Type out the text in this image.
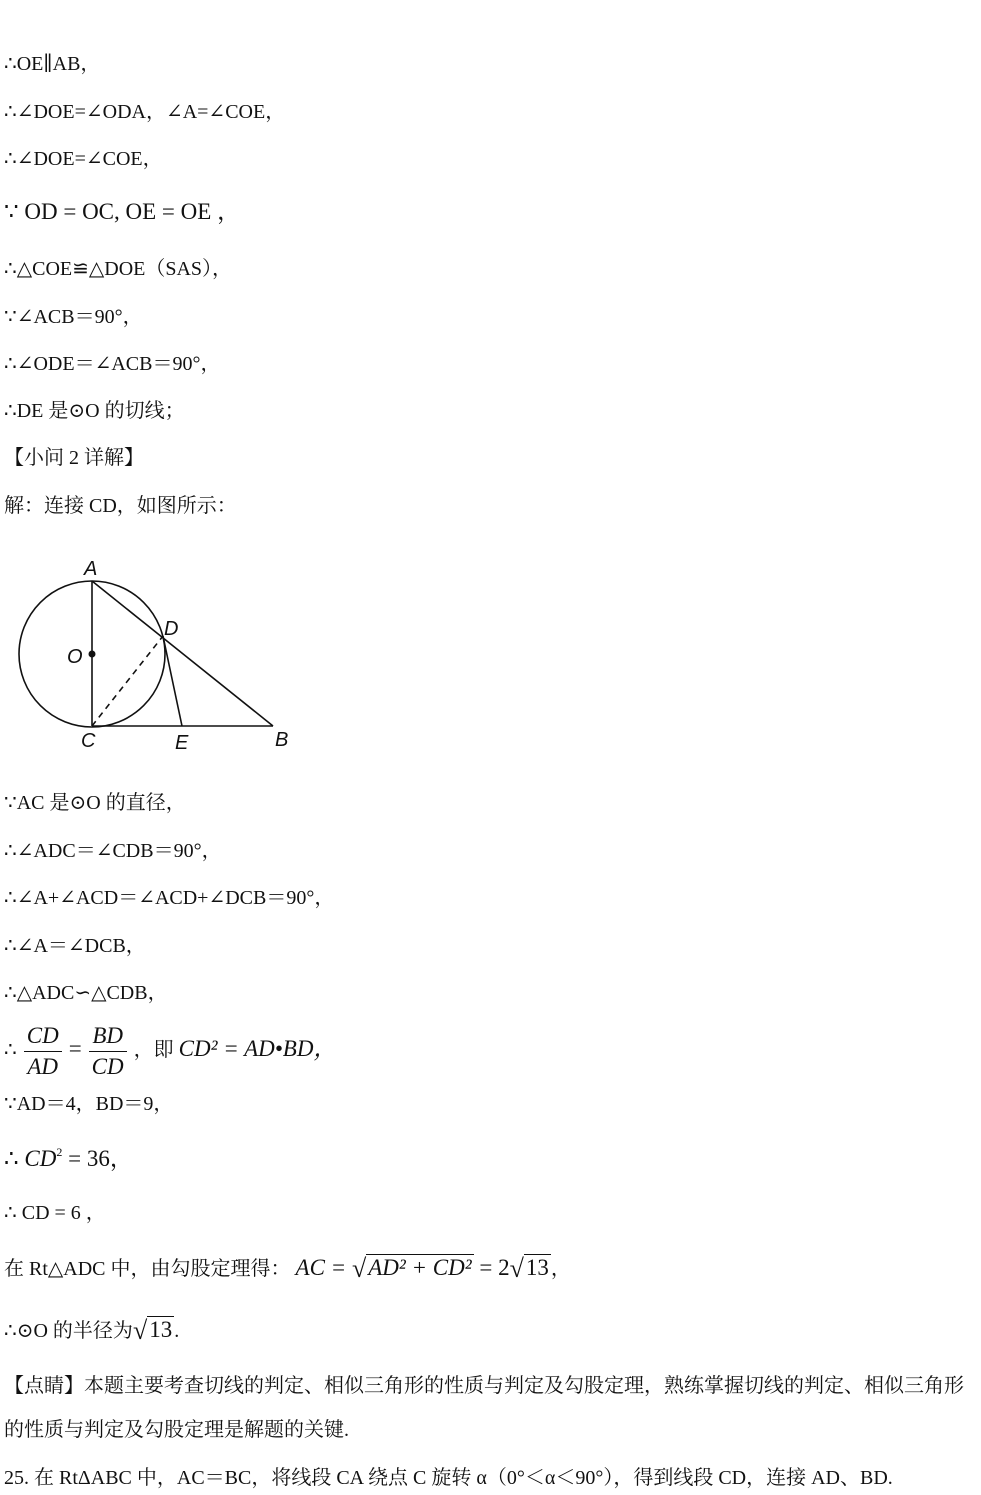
∴OE∥AB，
∴∠DOE=∠ODA，∠A=∠COE，
∴∠DOE=∠COE，
∵ OD = OC, OE = OE ，
∴△COE≌△DOE（SAS），
∵∠ACB＝90°，
∴∠ODE＝∠ACB＝90°，
∴DE 是⊙O 的切线；
【小问 2 详解】
解：连接 CD，如图所示：
A
D
O
C	E	B
∵AC 是⊙O 的直径，
∴∠ADC＝∠CDB＝90°，
∴∠A+∠ACD＝∠ACD+∠DCB＝90°，
∴∠A＝∠DCB，
∴△ADC∽△CDB，
∴ $\frac{CD}{AD} = \frac{BD}{CD}$ ，即 CD² = AD•BD，
∵AD＝4，BD＝9，
∴ $CD^2 = 36$，
∴ CD = 6 ，
在 Rt△ADC 中，由勾股定理得： AC = √AD² + CD² = 2√13 ，
∴⊙O 的半径为√13 .
【点睛】本题主要考查切线的判定、相似三角形的性质与判定及勾股定理，熟练掌握切线的判定、相似三角形的性质与判定及勾股定理是解题的关键.
25. 在 RtΔABC 中，AC＝BC，将线段 CA 绕点 C 旋转 α（0°＜α＜90°），得到线段 CD，连接 AD、BD.
